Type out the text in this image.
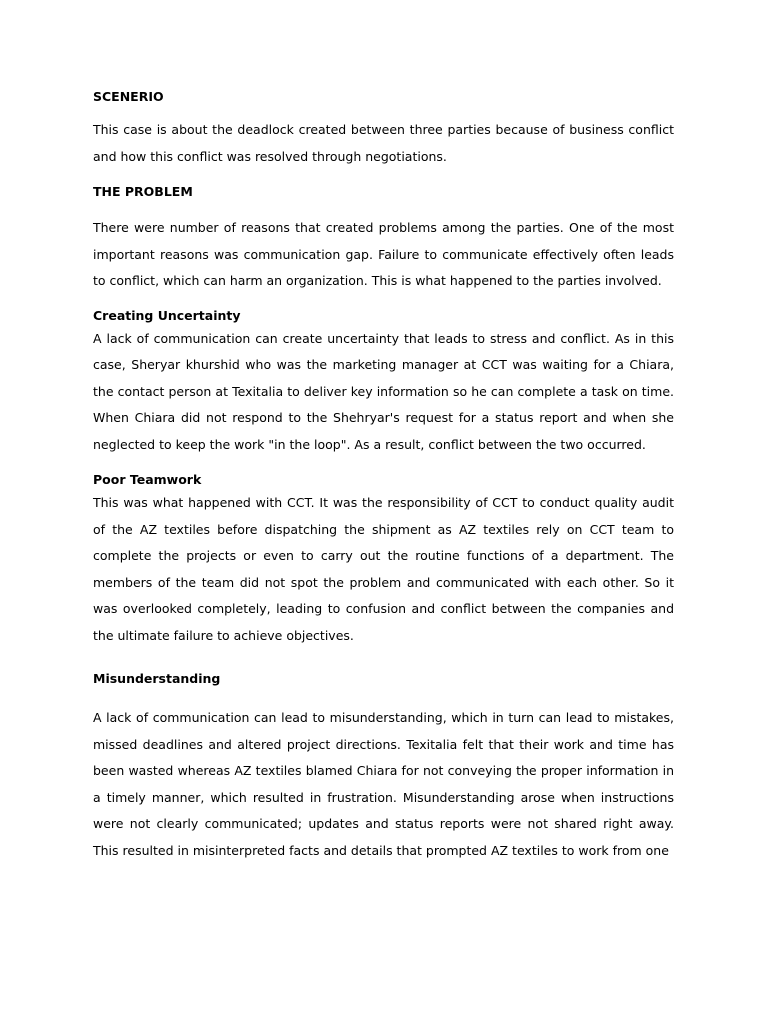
SCENERIO

This case is about the deadlock created between three parties because of business conflict and how this conflict was resolved through negotiations.

THE PROBLEM

There were number of reasons that created problems among the parties. One of the most important reasons was communication gap. Failure to communicate effectively often leads to conflict, which can harm an organization. This is what happened to the parties involved.

Creating Uncertainty

A lack of communication can create uncertainty that leads to stress and conflict. As in this case, Sheryar khurshid who was the marketing manager at CCT was waiting for a Chiara, the contact person at Texitalia to deliver key information so he can complete a task on time. When Chiara did not respond to the Shehryar's request for a status report and when she neglected to keep the work "in the loop". As a result, conflict between the two occurred.

Poor Teamwork

This was what happened with CCT. It was the responsibility of CCT to conduct quality audit of the AZ textiles before dispatching the shipment as AZ textiles rely on CCT team to complete the projects or even to carry out the routine functions of a department. The members of the team did not spot the problem and communicated with each other. So it was overlooked completely, leading to confusion and conflict between the companies and the ultimate failure to achieve objectives.

Misunderstanding

A lack of communication can lead to misunderstanding, which in turn can lead to mistakes, missed deadlines and altered project directions. Texitalia felt that their work and time has been wasted whereas AZ textiles blamed Chiara for not conveying the proper information in a timely manner, which resulted in frustration. Misunderstanding arose when instructions were not clearly communicated; updates and status reports were not shared right away. This resulted in misinterpreted facts and details that prompted AZ textiles to work from one
